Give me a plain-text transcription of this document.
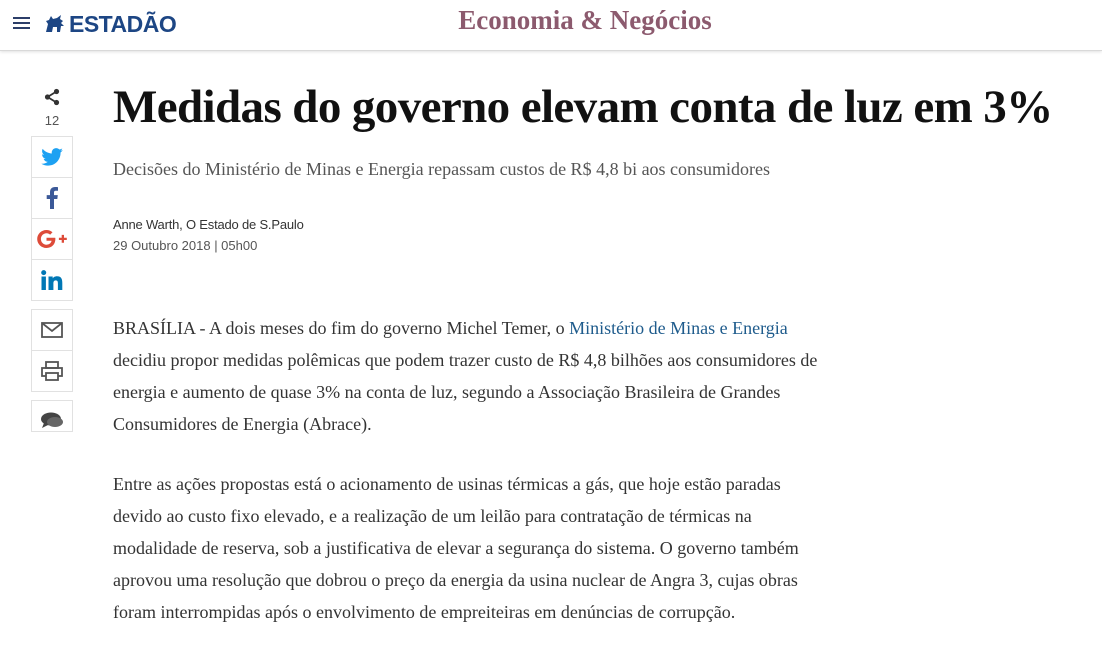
ESTADÃO	Economia & Negócios
12 Medidas do governo elevam conta de luz em 3%

Decisões do Ministério de Minas e Energia repassam custos de R$ 4,8 bi aos consumidores

Anne Warth, O Estado de S.Paulo
29 Outubro 2018 | 05h00

BRASÍLIA - A dois meses do fim do governo Michel Temer, o Ministério de Minas e Energia decidiu propor medidas polêmicas que podem trazer custo de R$ 4,8 bilhões aos consumidores de energia e aumento de quase 3% na conta de luz, segundo a Associação Brasileira de Grandes Consumidores de Energia (Abrace).

Entre as ações propostas está o acionamento de usinas térmicas a gás, que hoje estão paradas devido ao custo fixo elevado, e a realização de um leilão para contratação de térmicas na modalidade de reserva, sob a justificativa de elevar a segurança do sistema. O governo também aprovou uma resolução que dobrou o preço da energia da usina nuclear de Angra 3, cujas obras foram interrompidas após o envolvimento de empreiteiras em denúncias de corrupção.
